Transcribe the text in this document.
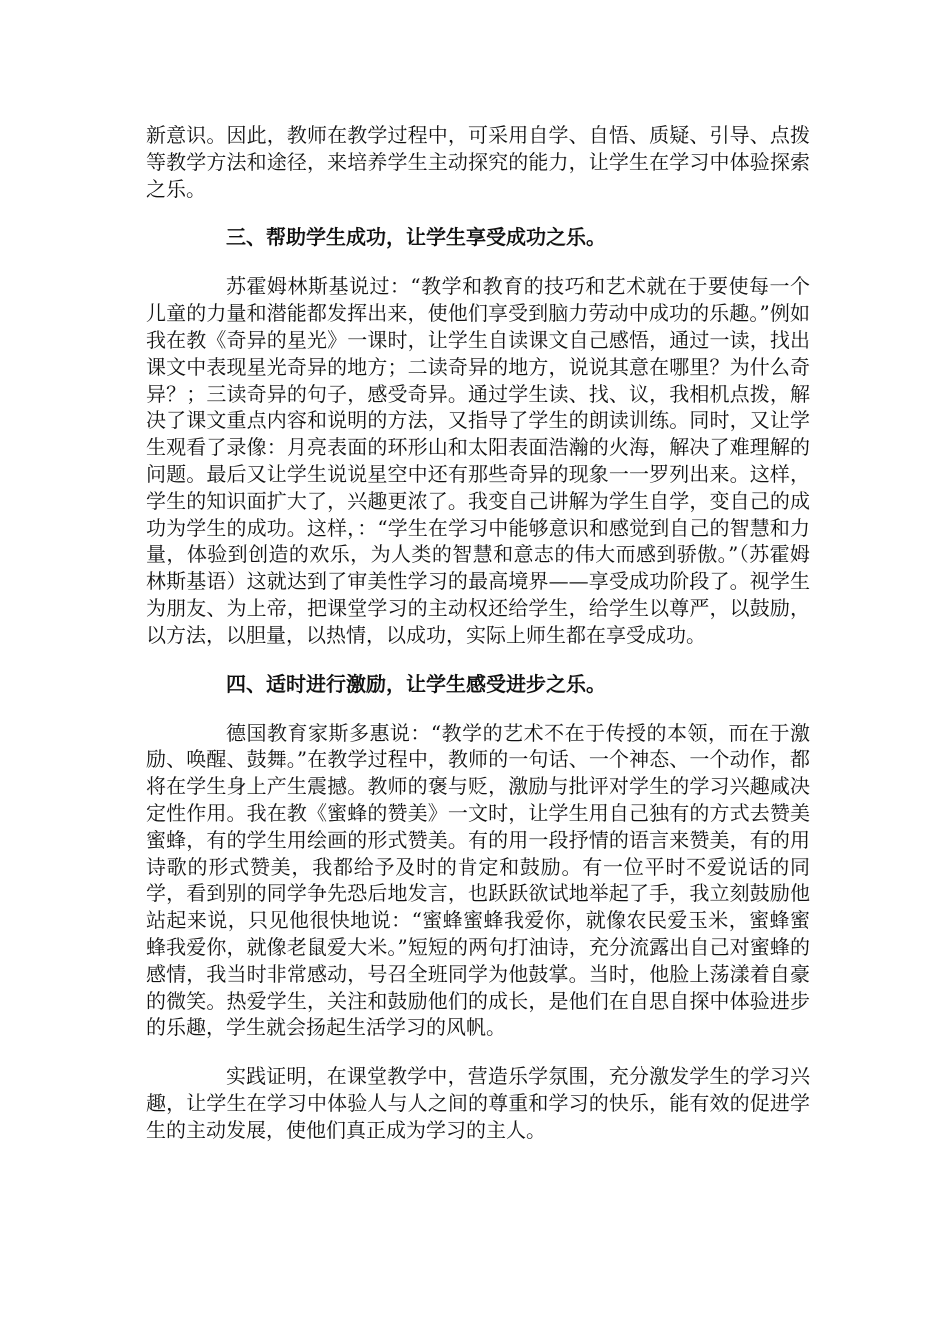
新意识。因此，教师在教学过程中，可采用自学、自悟、质疑、引导、点拨等教学方法和途径，来培养学生主动探究的能力，让学生在学习中体验探索之乐。

三、帮助学生成功，让学生享受成功之乐。

苏霍姆林斯基说过：“教学和教育的技巧和艺术就在于要使每一个儿童的力量和潜能都发挥出来，使他们享受到脑力劳动中成功的乐趣。”例如我在教《奇异的星光》一课时，让学生自读课文自己感悟，通过一读，找出课文中表现星光奇异的地方；二读奇异的地方，说说其意在哪里？为什么奇异？；三读奇异的句子，感受奇异。通过学生读、找、议，我相机点拨，解决了课文重点内容和说明的方法，又指导了学生的朗读训练。同时，又让学生观看了录像：月亮表面的环形山和太阳表面浩瀚的火海，解决了难理解的问题。最后又让学生说说星空中还有那些奇异的现象一一罗列出来。这样，学生的知识面扩大了，兴趣更浓了。我变自己讲解为学生自学，变自己的成功为学生的成功。这样，：“学生在学习中能够意识和感觉到自己的智慧和力量，体验到创造的欢乐，为人类的智慧和意志的伟大而感到骄傲。”（苏霍姆林斯基语）这就达到了审美性学习的最高境界——享受成功阶段了。视学生为朋友、为上帝，把课堂学习的主动权还给学生，给学生以尊严，以鼓励，以方法，以胆量，以热情，以成功，实际上师生都在享受成功。

四、适时进行激励，让学生感受进步之乐。

德国教育家斯多惠说：“教学的艺术不在于传授的本领，而在于激励、唤醒、鼓舞。”在教学过程中，教师的一句话、一个神态、一个动作，都将在学生身上产生震撼。教师的褒与贬，激励与批评对学生的学习兴趣咸决定性作用。我在教《蜜蜂的赞美》一文时，让学生用自己独有的方式去赞美蜜蜂，有的学生用绘画的形式赞美。有的用一段抒情的语言来赞美，有的用诗歌的形式赞美，我都给予及时的肯定和鼓励。有一位平时不爱说话的同学，看到别的同学争先恐后地发言，也跃跃欲试地举起了手，我立刻鼓励他站起来说，只见他很快地说：“蜜蜂蜜蜂我爱你，就像农民爱玉米，蜜蜂蜜蜂我爱你，就像老鼠爱大米。”短短的两句打油诗，充分流露出自己对蜜蜂的感情，我当时非常感动，号召全班同学为他鼓掌。当时，他脸上荡漾着自豪的微笑。热爱学生，关注和鼓励他们的成长，是他们在自思自探中体验进步的乐趣，学生就会扬起生活学习的风帆。

实践证明，在课堂教学中，营造乐学氛围，充分激发学生的学习兴趣，让学生在学习中体验人与人之间的尊重和学习的快乐，能有效的促进学生的主动发展，使他们真正成为学习的主人。
